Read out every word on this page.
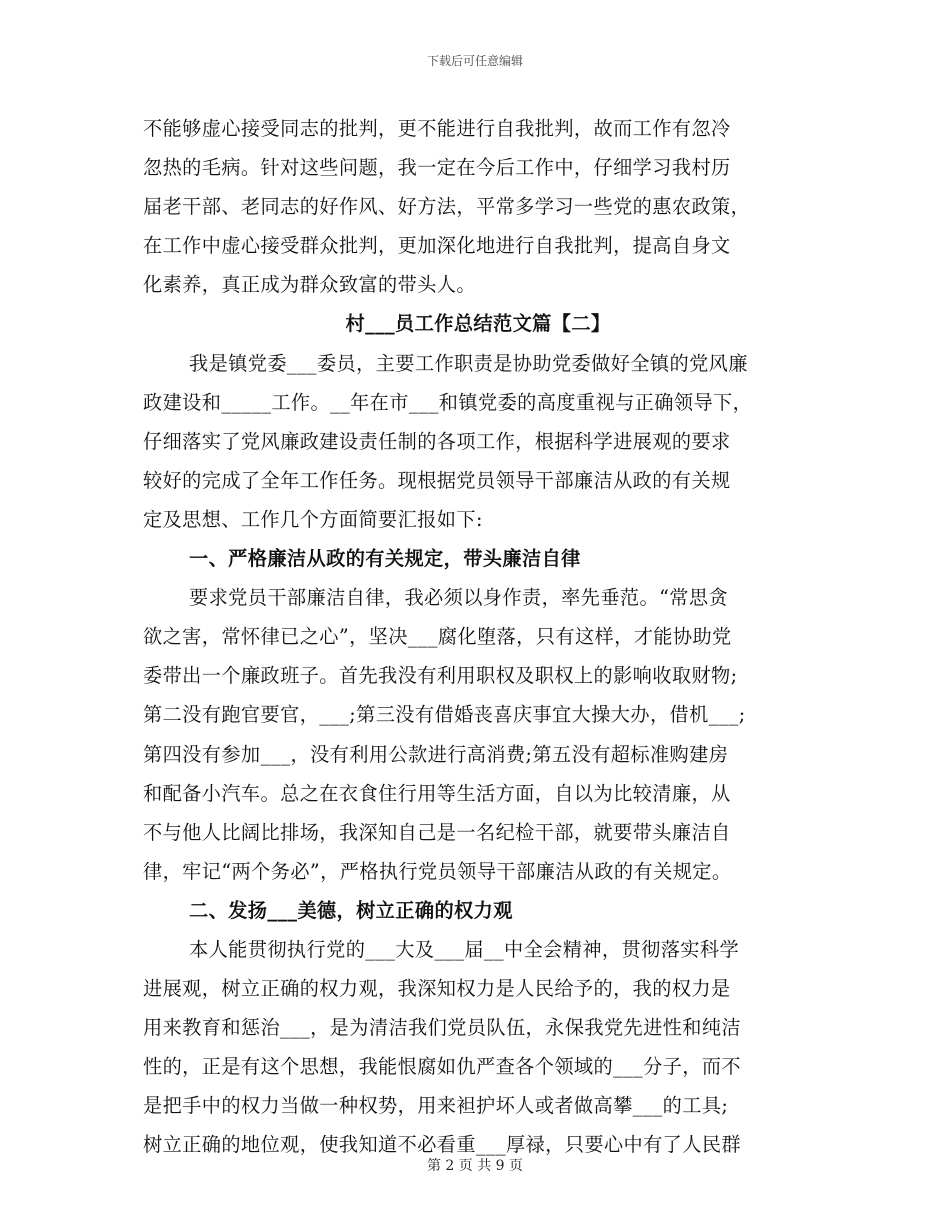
下载后可任意编辑
不能够虚心接受同志的批判，更不能进行自我批判，故而工作有忽冷
忽热的毛病。针对这些问题，我一定在今后工作中，仔细学习我村历
届老干部、老同志的好作风、好方法，平常多学习一些党的惠农政策，
在工作中虚心接受群众批判，更加深化地进行自我批判，提高自身文
化素养，真正成为群众致富的带头人。
村___员工作总结范文篇【二】
我是镇党委___委员，主要工作职责是协助党委做好全镇的党风廉
政建设和_____工作。__年在市___和镇党委的高度重视与正确领导下，
仔细落实了党风廉政建设责任制的各项工作，根据科学进展观的要求
较好的完成了全年工作任务。现根据党员领导干部廉洁从政的有关规
定及思想、工作几个方面简要汇报如下:
一、严格廉洁从政的有关规定，带头廉洁自律
要求党员干部廉洁自律，我必须以身作责，率先垂范。“常思贪
欲之害，常怀律已之心”，坚决___腐化堕落，只有这样，才能协助党
委带出一个廉政班子。首先我没有利用职权及职权上的影响收取财物;
第二没有跑官要官，___;第三没有借婚丧喜庆事宜大操大办，借机___;
第四没有参加___，没有利用公款进行高消费;第五没有超标准购建房
和配备小汽车。总之在衣食住行用等生活方面，自以为比较清廉，从
不与他人比阔比排场，我深知自己是一名纪检干部，就要带头廉洁自
律，牢记“两个务必”，严格执行党员领导干部廉洁从政的有关规定。
二、发扬___美德，树立正确的权力观
本人能贯彻执行党的___大及___届__中全会精神，贯彻落实科学
进展观，树立正确的权力观，我深知权力是人民给予的，我的权力是
用来教育和惩治___，是为清洁我们党员队伍，永保我党先进性和纯洁
性的，正是有这个思想，我能恨腐如仇严查各个领域的___分子，而不
是把手中的权力当做一种权势，用来袒护坏人或者做高攀___的工具;
树立正确的地位观，使我知道不必看重___厚禄，只要心中有了人民群
第 2 页 共 9 页
